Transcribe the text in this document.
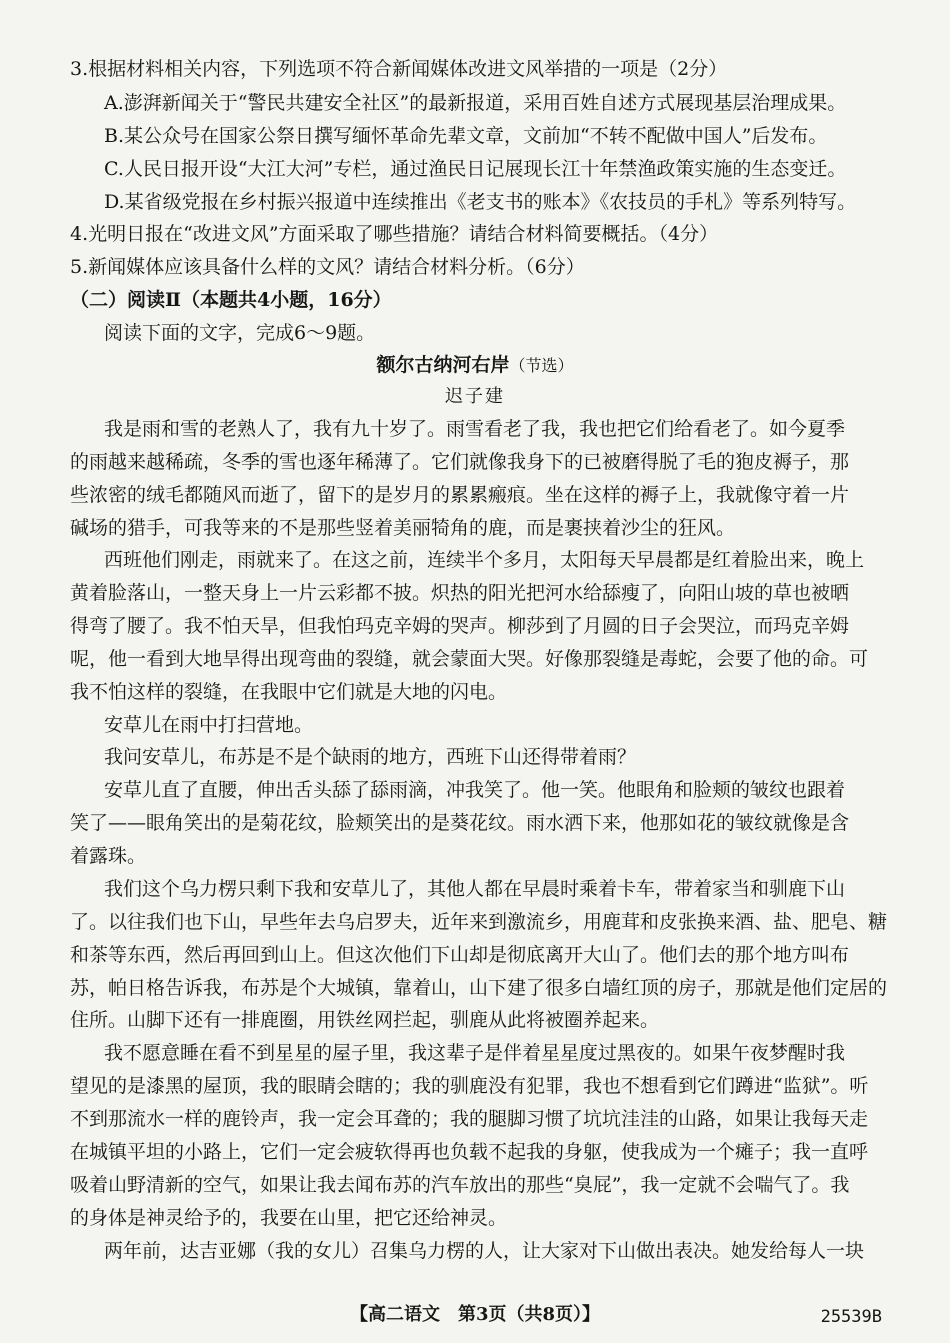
3.根据材料相关内容，下列选项不符合新闻媒体改进文风举措的一项是（2分）
A.澎湃新闻关于“警民共建安全社区”的最新报道，采用百姓自述方式展现基层治理成果。
B.某公众号在国家公祭日撰写缅怀革命先辈文章，文前加“不转不配做中国人”后发布。
C.人民日报开设“大江大河”专栏，通过渔民日记展现长江十年禁渔政策实施的生态变迁。
D.某省级党报在乡村振兴报道中连续推出《老支书的账本》《农技员的手札》等系列特写。
4.光明日报在“改进文风”方面采取了哪些措施？请结合材料简要概括。（4分）
5.新闻媒体应该具备什么样的文风？请结合材料分析。（6分）
（二）阅读Ⅱ（本题共4小题，16分）
阅读下面的文字，完成6～9题。
额尔古纳河右岸（节选）
迟子建
我是雨和雪的老熟人了，我有九十岁了。雨雪看老了我，我也把它们给看老了。如今夏季
的雨越来越稀疏，冬季的雪也逐年稀薄了。它们就像我身下的已被磨得脱了毛的狍皮褥子，那
些浓密的绒毛都随风而逝了，留下的是岁月的累累瘢痕。坐在这样的褥子上，我就像守着一片
碱场的猎手，可我等来的不是那些竖着美丽犄角的鹿，而是裹挟着沙尘的狂风。
西班他们刚走，雨就来了。在这之前，连续半个多月，太阳每天早晨都是红着脸出来，晚上
黄着脸落山，一整天身上一片云彩都不披。炽热的阳光把河水给舔瘦了，向阳山坡的草也被晒
得弯了腰了。我不怕天旱，但我怕玛克辛姆的哭声。柳莎到了月圆的日子会哭泣，而玛克辛姆
呢，他一看到大地旱得出现弯曲的裂缝，就会蒙面大哭。好像那裂缝是毒蛇，会要了他的命。可
我不怕这样的裂缝，在我眼中它们就是大地的闪电。
安草儿在雨中打扫营地。
我问安草儿，布苏是不是个缺雨的地方，西班下山还得带着雨？
安草儿直了直腰，伸出舌头舔了舔雨滴，冲我笑了。他一笑。他眼角和脸颊的皱纹也跟着
笑了——眼角笑出的是菊花纹，脸颊笑出的是葵花纹。雨水洒下来，他那如花的皱纹就像是含
着露珠。
我们这个乌力楞只剩下我和安草儿了，其他人都在早晨时乘着卡车，带着家当和驯鹿下山
了。以往我们也下山，早些年去乌启罗夫，近年来到激流乡，用鹿茸和皮张换来酒、盐、肥皂、糖
和茶等东西，然后再回到山上。但这次他们下山却是彻底离开大山了。他们去的那个地方叫布
苏，帕日格告诉我，布苏是个大城镇，靠着山，山下建了很多白墙红顶的房子，那就是他们定居的
住所。山脚下还有一排鹿圈，用铁丝网拦起，驯鹿从此将被圈养起来。
我不愿意睡在看不到星星的屋子里，我这辈子是伴着星星度过黑夜的。如果午夜梦醒时我
望见的是漆黑的屋顶，我的眼睛会瞎的；我的驯鹿没有犯罪，我也不想看到它们蹲进“监狱”。听
不到那流水一样的鹿铃声，我一定会耳聋的；我的腿脚习惯了坑坑洼洼的山路，如果让我每天走
在城镇平坦的小路上，它们一定会疲软得再也负载不起我的身躯，使我成为一个瘫子；我一直呼
吸着山野清新的空气，如果让我去闻布苏的汽车放出的那些“臭屁”，我一定就不会喘气了。我
的身体是神灵给予的，我要在山里，把它还给神灵。
两年前，达吉亚娜（我的女儿）召集乌力楞的人，让大家对下山做出表决。她发给每人一块
【高二语文　第3页（共8页）】	25539B
